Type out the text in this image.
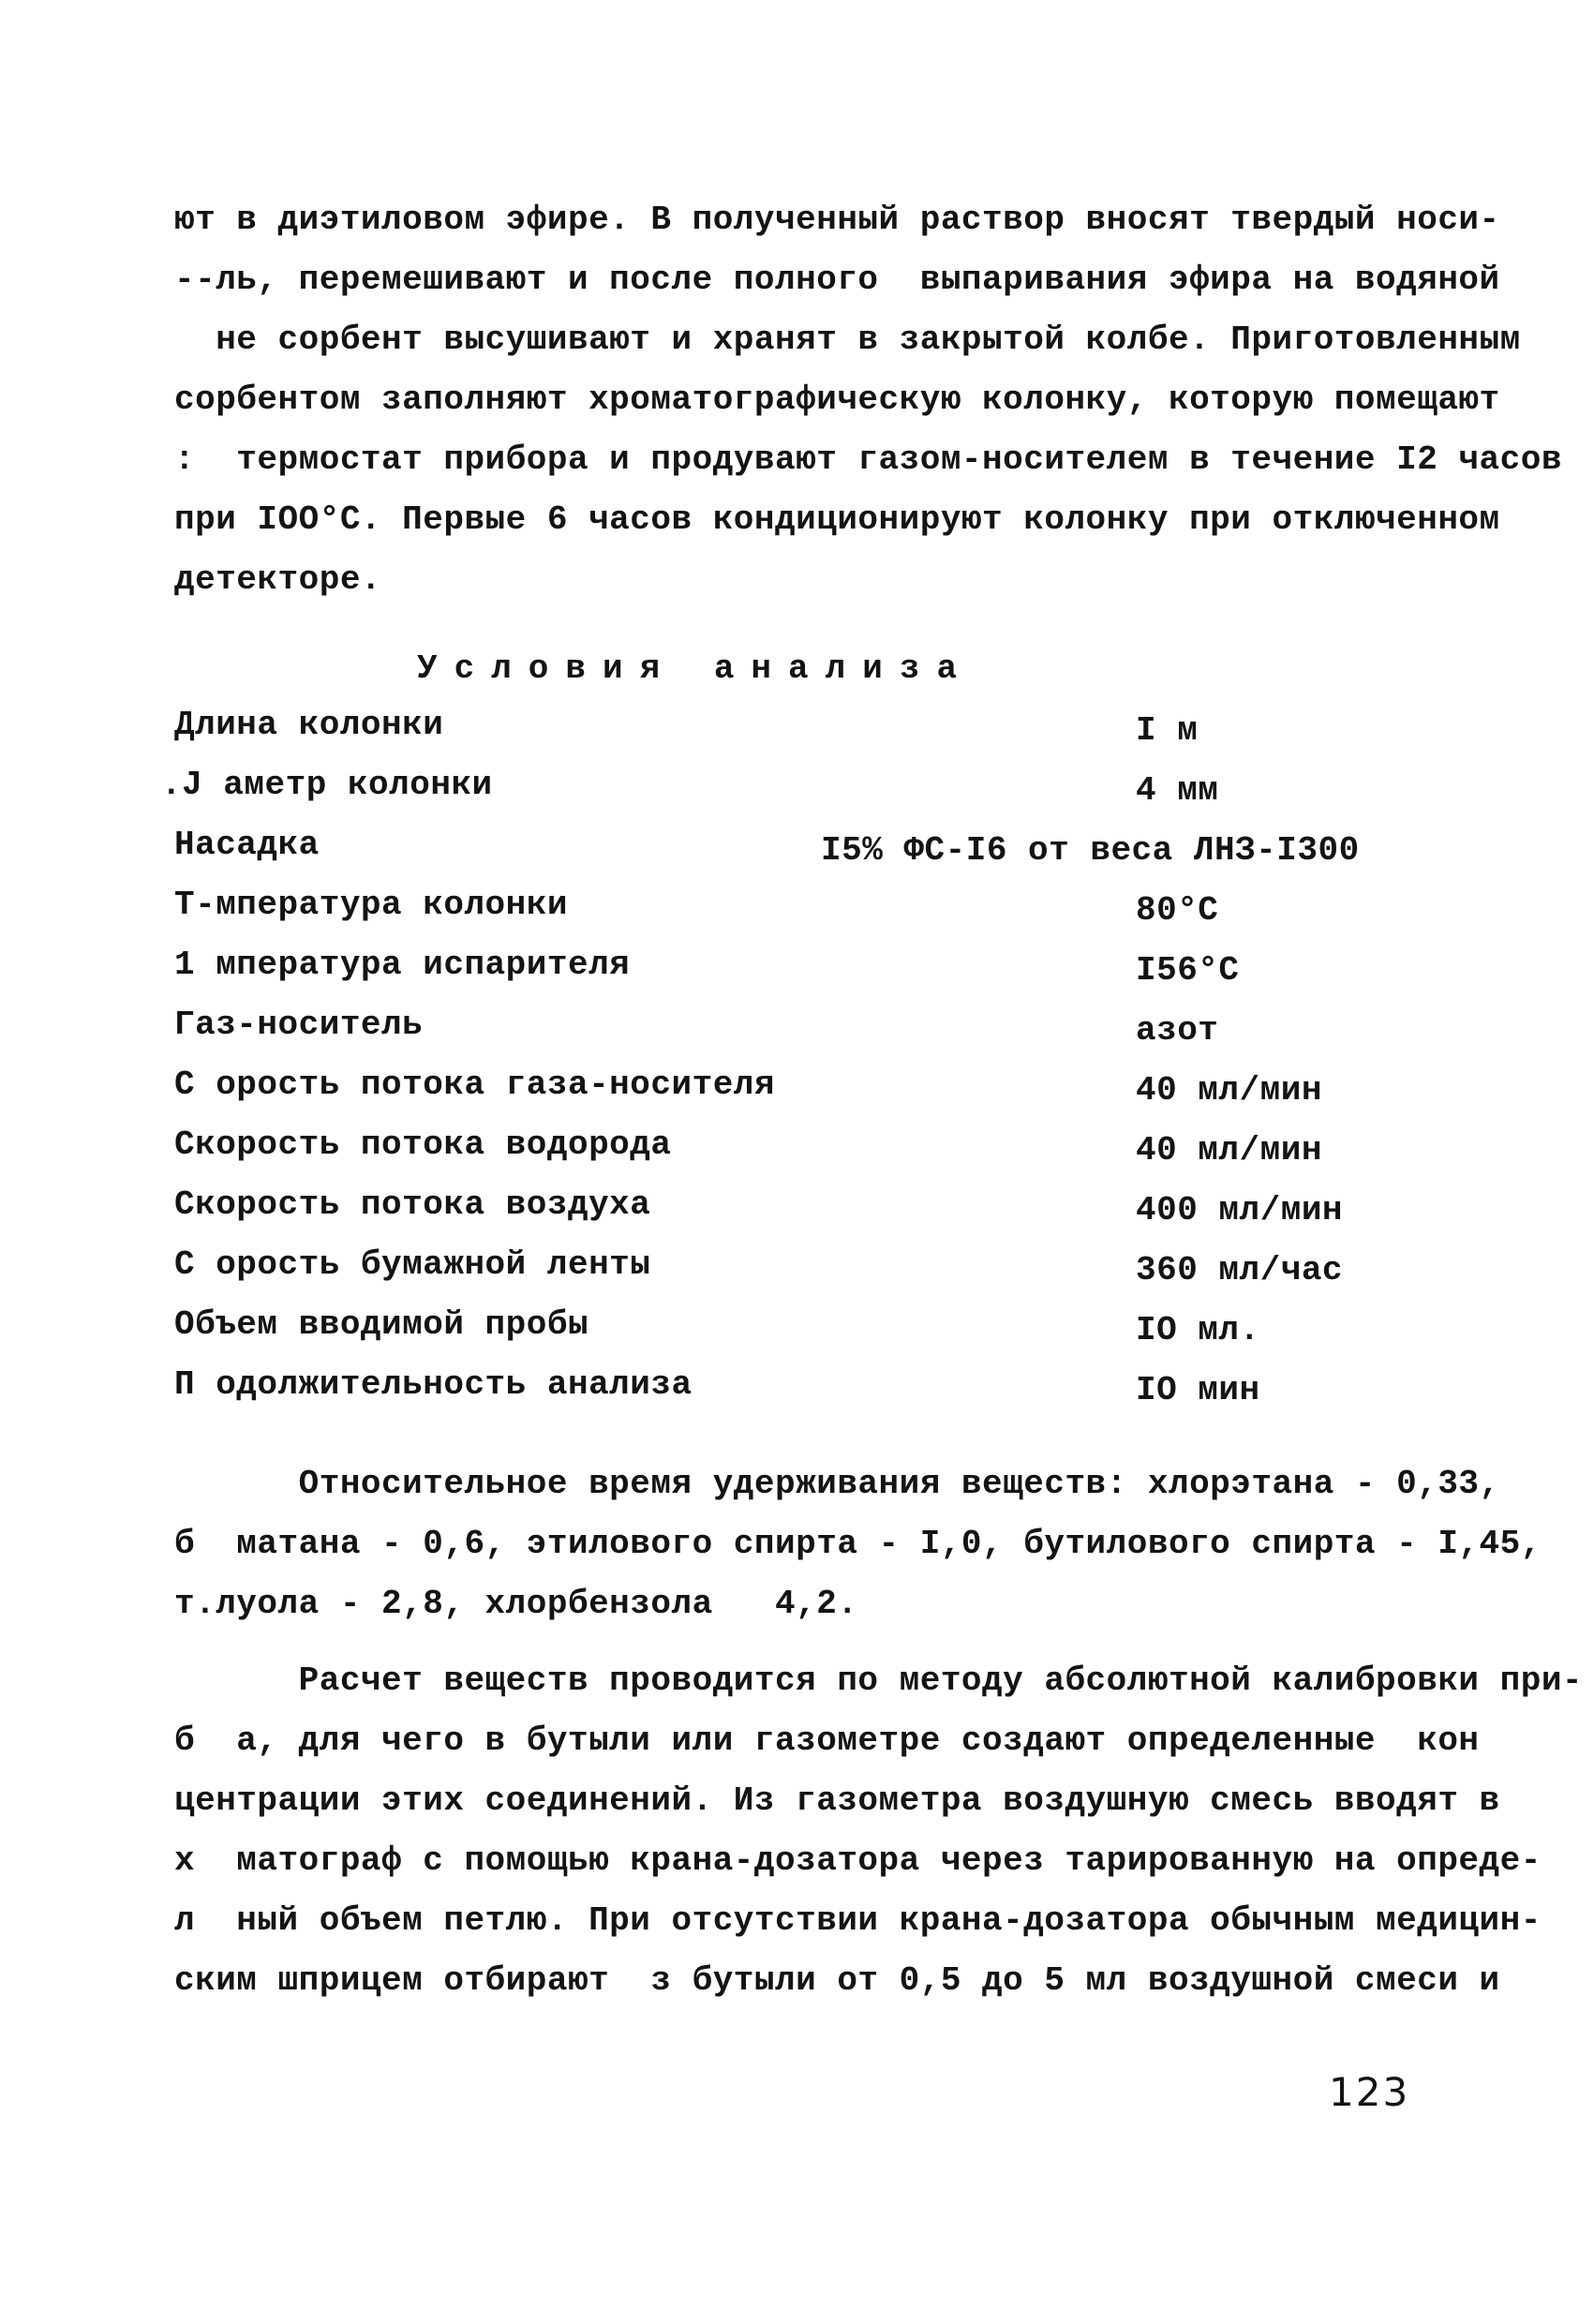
ют в диэтиловом эфире. В полученный раствор вносят твердый носи-
--ль, перемешивают и после полного  выпаривания эфира на водяной
не сорбент высушивают и хранят в закрытой колбе. Приготовленным
сорбентом заполняют хроматографическую колонку, которую помещают
:  термостат прибора и продувают газом-носителем в течение I2 часов
при IOO°С. Первые 6 часов кондиционируют колонку при отключенном
детекторе.
Условия анализа
Длина колонки	I м
.J аметр колонки	4 мм
Насадка	I5% ФС-I6 от веса ЛНЗ-I300
Т-мпература колонки	80°С
1 мпература испарителя	I56°С
Газ-носитель	азот
С орость потока газа-носителя	40 мл/мин
Скорость потока водорода	40 мл/мин
Скорость потока воздуха	400 мл/мин
С орость бумажной ленты	360 мл/час
Объем вводимой пробы	IO мл.
П одолжительность анализа	IO мин
Относительное время удерживания веществ: хлорэтана - 0,33,
б  матана - 0,6, этилового спирта - I,0, бутилового спирта - I,45,
т.луола - 2,8, хлорбензола   4,2.
Расчет веществ проводится по методу абсолютной калибровки при-
б  а, для чего в бутыли или газометре создают определенные  кон
центрации этих соединений. Из газометра воздушную смесь вводят в
х  матограф с помощью крана-дозатора через тарированную на опреде-
л  ный объем петлю. При отсутствии крана-дозатора обычным медицин-
ским шприцем отбирают  з бутыли от 0,5 до 5 мл воздушной смеси и
123
